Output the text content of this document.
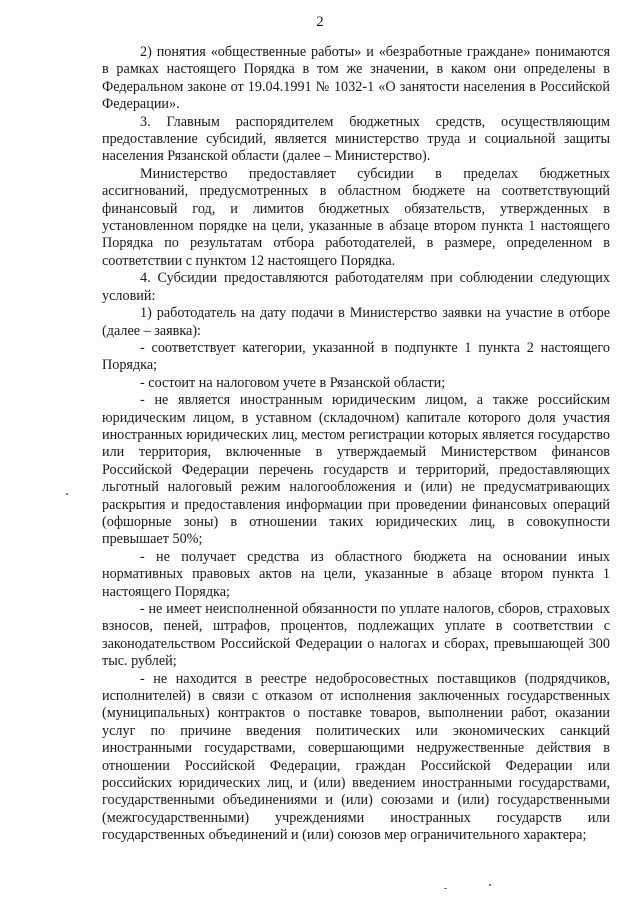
2

2) понятия «общественные работы» и «безработные граждане» понимаются в рамках настоящего Порядка в том же значении, в каком они определены в Федеральном законе от 19.04.1991 № 1032-1 «О занятости населения в Российской Федерации».

3. Главным распорядителем бюджетных средств, осуществляющим предоставление субсидий, является министерство труда и социальной защиты населения Рязанской области (далее – Министерство).

Министерство предоставляет субсидии в пределах бюджетных ассигнований, предусмотренных в областном бюджете на соответствующий финансовый год, и лимитов бюджетных обязательств, утвержденных в установленном порядке на цели, указанные в абзаце втором пункта 1 настоящего Порядка по результатам отбора работодателей, в размере, определенном в соответствии с пунктом 12 настоящего Порядка.

4. Субсидии предоставляются работодателям при соблюдении следующих условий:

1) работодатель на дату подачи в Министерство заявки на участие в отборе (далее – заявка):

- соответствует категории, указанной в подпункте 1 пункта 2 настоящего Порядка;

- состоит на налоговом учете в Рязанской области;

- не является иностранным юридическим лицом, а также российским юридическим лицом, в уставном (складочном) капитале которого доля участия иностранных юридических лиц, местом регистрации которых является государство или территория, включенные в утверждаемый Министерством финансов Российской Федерации перечень государств и территорий, предоставляющих льготный налоговый режим налогообложения и (или) не предусматривающих раскрытия и предоставления информации при проведении финансовых операций (офшорные зоны) в отношении таких юридических лиц, в совокупности превышает 50%;

- не получает средства из областного бюджета на основании иных нормативных правовых актов на цели, указанные в абзаце втором пункта 1 настоящего Порядка;

- не имеет неисполненной обязанности по уплате налогов, сборов, страховых взносов, пеней, штрафов, процентов, подлежащих уплате в соответствии с законодательством Российской Федерации о налогах и сборах, превышающей 300 тыс. рублей;

- не находится в реестре недобросовестных поставщиков (подрядчиков, исполнителей) в связи с отказом от исполнения заключенных государственных (муниципальных) контрактов о поставке товаров, выполнении работ, оказании услуг по причине введения политических или экономических санкций иностранными государствами, совершающими недружественные действия в отношении Российской Федерации, граждан Российской Федерации или российских юридических лиц, и (или) введением иностранными государствами, государственными объединениями и (или) союзами и (или) государственными (межгосударственными) учреждениями иностранных государств или государственных объединений и (или) союзов мер ограничительного характера;
